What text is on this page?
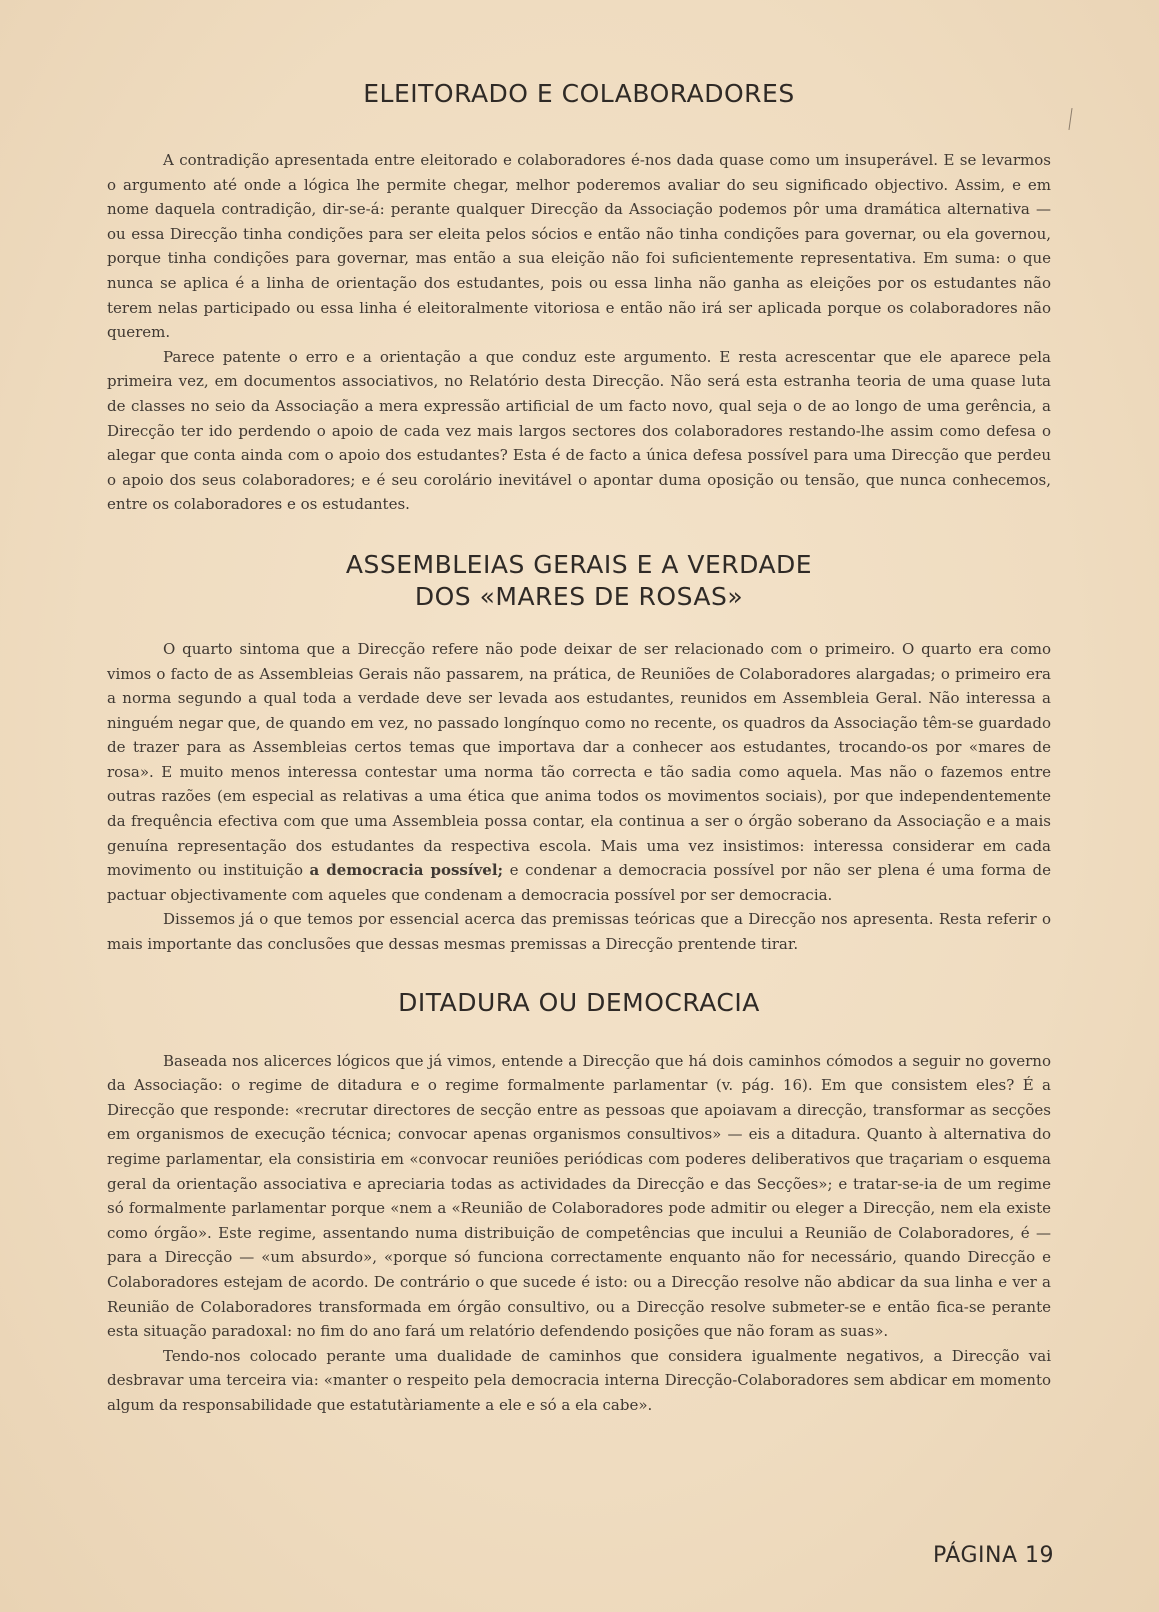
ELEITORADO E COLABORADORES

A contradição apresentada entre eleitorado e colaboradores é-nos dada quase como um insuperável. E se levarmos o argumento até onde a lógica lhe permite chegar, melhor poderemos avaliar do seu significado objectivo. Assim, e em nome daquela contradição, dir-se-á: perante qualquer Direcção da Associação podemos pôr uma dramática alternativa — ou essa Direcção tinha condições para ser eleita pelos sócios e então não tinha condições para governar, ou ela governou, porque tinha condições para governar, mas então a sua eleição não foi suficientemente representativa. Em suma: o que nunca se aplica é a linha de orientação dos estudantes, pois ou essa linha não ganha as eleições por os estudantes não terem nelas participado ou essa linha é eleitoralmente vitoriosa e então não irá ser aplicada porque os colaboradores não querem.

Parece patente o erro e a orientação a que conduz este argumento. E resta acrescentar que ele aparece pela primeira vez, em documentos associativos, no Relatório desta Direcção. Não será esta estranha teoria de uma quase luta de classes no seio da Associação a mera expressão artificial de um facto novo, qual seja o de ao longo de uma gerência, a Direcção ter ido perdendo o apoio de cada vez mais largos sectores dos colaboradores restando-lhe assim como defesa o alegar que conta ainda com o apoio dos estudantes? Esta é de facto a única defesa possível para uma Direcção que perdeu o apoio dos seus colaboradores; e é seu corolário inevitável o apontar duma oposição ou tensão, que nunca conhecemos, entre os colaboradores e os estudantes.

ASSEMBLEIAS GERAIS E A VERDADE
DOS «MARES DE ROSAS»

O quarto sintoma que a Direcção refere não pode deixar de ser relacionado com o primeiro. O quarto era como vimos o facto de as Assembleias Gerais não passarem, na prática, de Reuniões de Colaboradores alargadas; o primeiro era a norma segundo a qual toda a verdade deve ser levada aos estudantes, reunidos em Assembleia Geral. Não interessa a ninguém negar que, de quando em vez, no passado longínquo como no recente, os quadros da Associação têm-se guardado de trazer para as Assembleias certos temas que importava dar a conhecer aos estudantes, trocando-os por «mares de rosa». E muito menos interessa contestar uma norma tão correcta e tão sadia como aquela. Mas não o fazemos entre outras razões (em especial as relativas a uma ética que anima todos os movimentos sociais), por que independentemente da frequência efectiva com que uma Assembleia possa contar, ela continua a ser o órgão soberano da Associação e a mais genuína representação dos estudantes da respectiva escola. Mais uma vez insistimos: interessa considerar em cada movimento ou instituição a democracia possível; e condenar a democracia possível por não ser plena é uma forma de pactuar objectivamente com aqueles que condenam a democracia possível por ser democracia.

Dissemos já o que temos por essencial acerca das premissas teóricas que a Direcção nos apresenta. Resta referir o mais importante das conclusões que dessas mesmas premissas a Direcção prentende tirar.

DITADURA OU DEMOCRACIA

Baseada nos alicerces lógicos que já vimos, entende a Direcção que há dois caminhos cómodos a seguir no governo da Associação: o regime de ditadura e o regime formalmente parlamentar (v. pág. 16). Em que consistem eles? É a Direcção que responde: «recrutar directores de secção entre as pessoas que apoiavam a direcção, transformar as secções em organismos de execução técnica; convocar apenas organismos consultivos» — eis a ditadura. Quanto à alternativa do regime parlamentar, ela consistiria em «convocar reuniões periódicas com poderes deliberativos que traçariam o esquema geral da orientação associativa e apreciaria todas as actividades da Direcção e das Secções»; e tratar-se-ia de um regime só formalmente parlamentar porque «nem a «Reunião de Colaboradores pode admitir ou eleger a Direcção, nem ela existe como órgão». Este regime, assentando numa distribuição de competências que incului a Reunião de Colaboradores, é — para a Direcção — «um absurdo», «porque só funciona correctamente enquanto não for necessário, quando Direcção e Colaboradores estejam de acordo. De contrário o que sucede é isto: ou a Direcção resolve não abdicar da sua linha e ver a Reunião de Colaboradores transformada em órgão consultivo, ou a Direcção resolve submeter-se e então fica-se perante esta situação paradoxal: no fim do ano fará um relatório defendendo posições que não foram as suas».

Tendo-nos colocado perante uma dualidade de caminhos que considera igualmente negativos, a Direcção vai desbravar uma terceira via: «manter o respeito pela democracia interna Direcção-Colaboradores sem abdicar em momento algum da responsabilidade que estatutàriamente a ele e só a ela cabe».

PÁGINA 19
